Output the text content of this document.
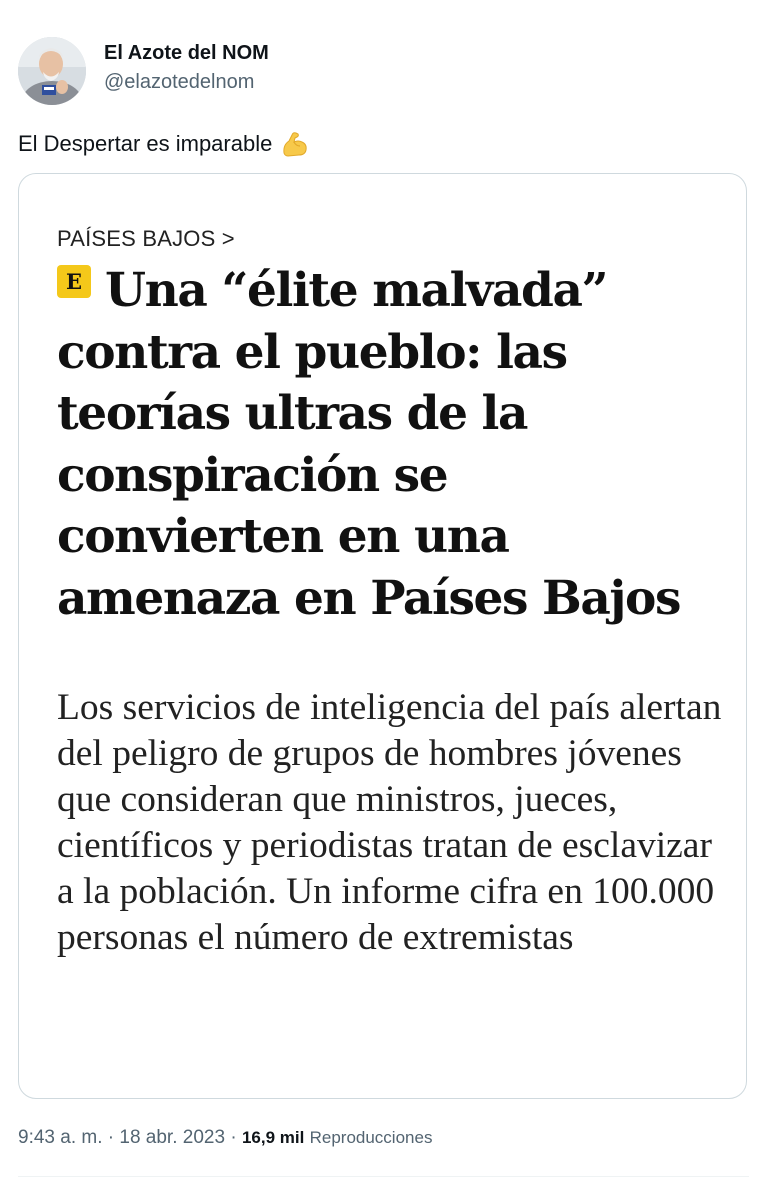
El Azote del NOM
@elazotedelnom
El Despertar es imparable
PAÍSES BAJOS >
E Una “élite malvada” contra el pueblo: las teorías ultras de la conspiración se convierten en una amenaza en Países Bajos
Los servicios de inteligencia del país alertan del peligro de grupos de hombres jóvenes que consideran que ministros, jueces, científicos y periodistas tratan de esclavizar a la población. Un informe cifra en 100.000 personas el número de extremistas
9:43 a. m. · 18 abr. 2023 · 16,9 mil Reproducciones
